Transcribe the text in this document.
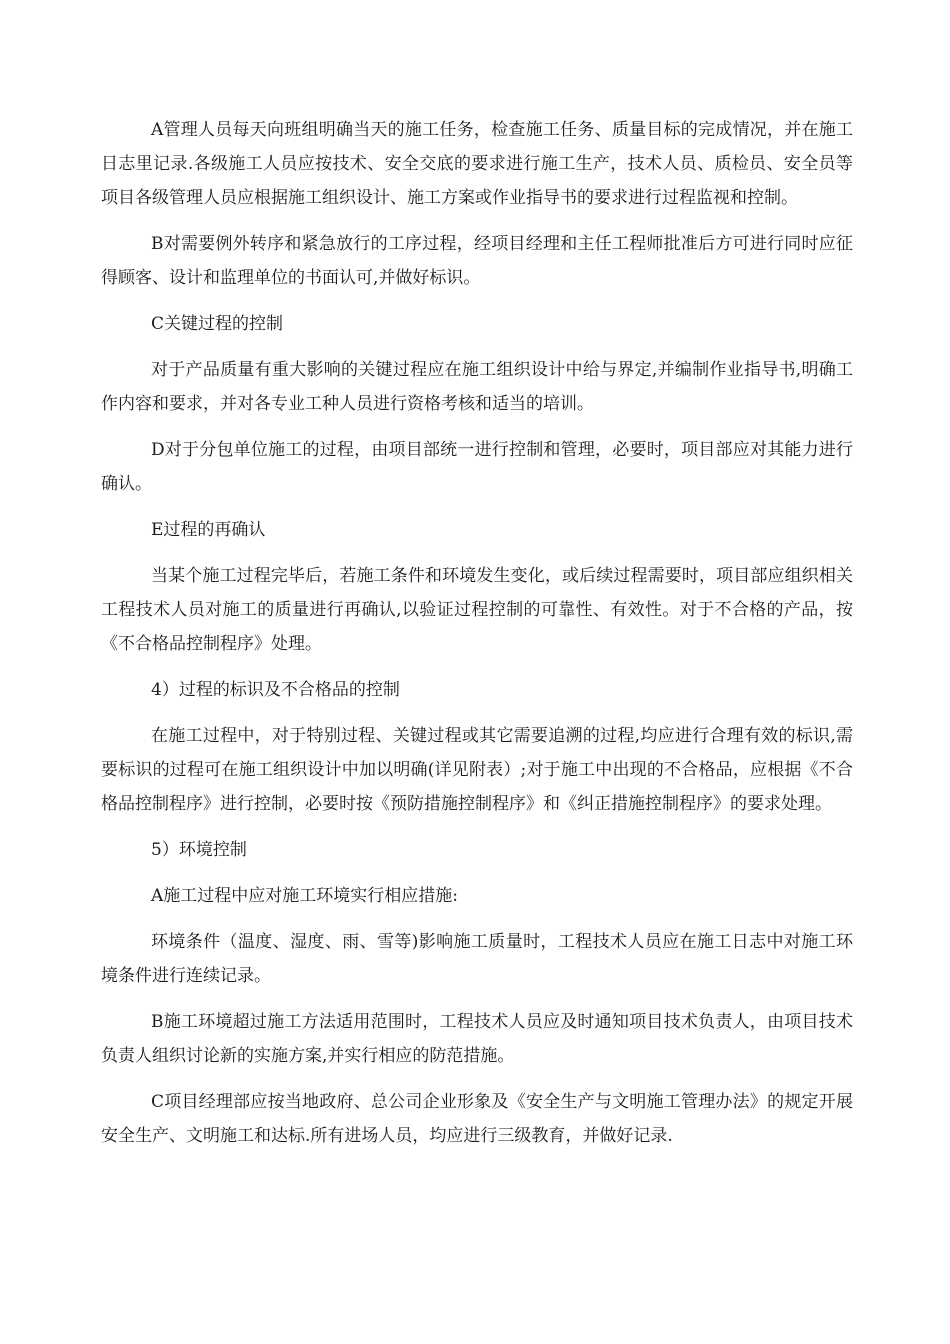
A管理人员每天向班组明确当天的施工任务，检查施工任务、质量目标的完成情况，并在施工日志里记录.各级施工人员应按技术、安全交底的要求进行施工生产，技术人员、质检员、安全员等项目各级管理人员应根据施工组织设计、施工方案或作业指导书的要求进行过程监视和控制。

B对需要例外转序和紧急放行的工序过程，经项目经理和主任工程师批准后方可进行同时应征得顾客、设计和监理单位的书面认可,并做好标识。

C关键过程的控制

对于产品质量有重大影响的关键过程应在施工组织设计中给与界定,并编制作业指导书,明确工作内容和要求，并对各专业工种人员进行资格考核和适当的培训。

D对于分包单位施工的过程，由项目部统一进行控制和管理，必要时，项目部应对其能力进行确认。

E过程的再确认

当某个施工过程完毕后，若施工条件和环境发生变化，或后续过程需要时，项目部应组织相关工程技术人员对施工的质量进行再确认,以验证过程控制的可靠性、有效性。对于不合格的产品，按《不合格品控制程序》处理。

4）过程的标识及不合格品的控制

在施工过程中，对于特别过程、关键过程或其它需要追溯的过程,均应进行合理有效的标识,需要标识的过程可在施工组织设计中加以明确(详见附表）;对于施工中出现的不合格品，应根据《不合格品控制程序》进行控制，必要时按《预防措施控制程序》和《纠正措施控制程序》的要求处理。

5）环境控制

A施工过程中应对施工环境实行相应措施:

环境条件（温度、湿度、雨、雪等)影响施工质量时，工程技术人员应在施工日志中对施工环境条件进行连续记录。

B施工环境超过施工方法适用范围时，工程技术人员应及时通知项目技术负责人，由项目技术负责人组织讨论新的实施方案,并实行相应的防范措施。

C项目经理部应按当地政府、总公司企业形象及《安全生产与文明施工管理办法》的规定开展安全生产、文明施工和达标.所有进场人员，均应进行三级教育，并做好记录.
